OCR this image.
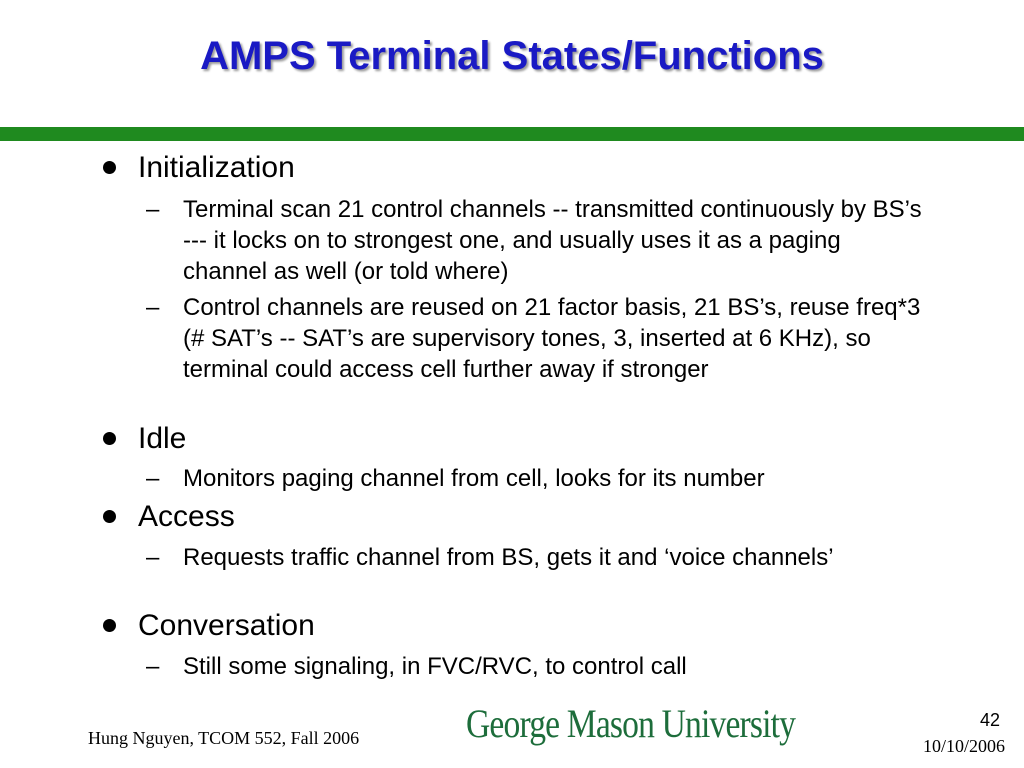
AMPS Terminal States/Functions
Initialization
– Terminal scan 21 control channels -- transmitted continuously by BS’s --- it locks on to strongest one, and usually uses it as a paging channel as well (or told where)
– Control channels are reused on 21 factor basis, 21 BS’s, reuse freq*3 (# SAT’s -- SAT’s are supervisory tones, 3, inserted at 6 KHz), so terminal could access cell further away if stronger
Idle
– Monitors paging channel from cell, looks for its number
Access
– Requests traffic channel from BS, gets it and ‘voice channels’
Conversation
– Still some signaling, in FVC/RVC, to control call
Hung Nguyen, TCOM 552, Fall 2006	George Mason University	42
10/10/2006
